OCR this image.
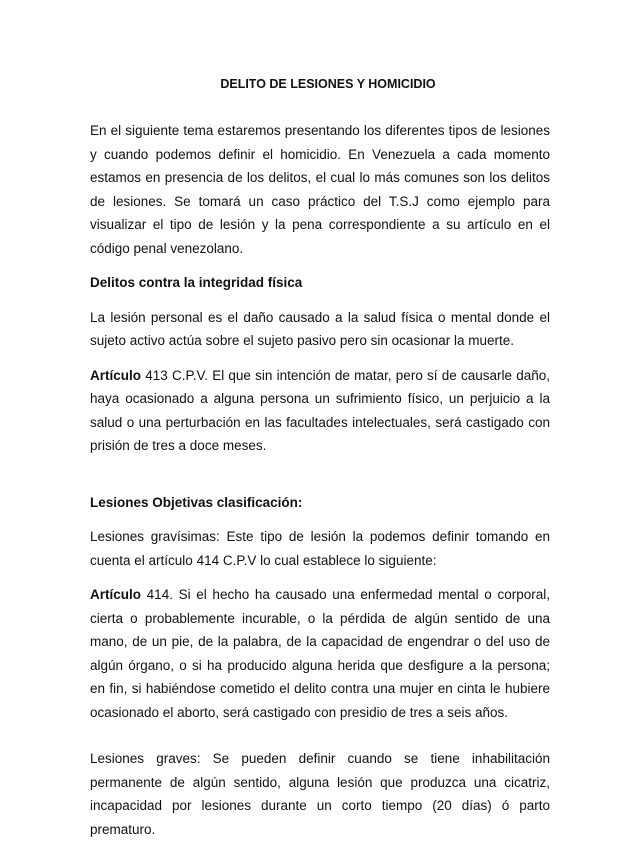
DELITO DE LESIONES Y HOMICIDIO

En el siguiente tema estaremos presentando los diferentes tipos de lesiones y cuando podemos definir el homicidio. En Venezuela a cada momento estamos en presencia de los delitos, el cual lo más comunes son los delitos de lesiones. Se tomará un caso práctico del T.S.J como ejemplo para visualizar el tipo de lesión y la pena correspondiente a su artículo en el código penal venezolano.

Delitos contra la integridad física

La lesión personal es el daño causado a la salud física o mental donde el sujeto activo actúa sobre el sujeto pasivo pero sin ocasionar la muerte.

Artículo 413 C.P.V. El que sin intención de matar, pero sí de causarle daño, haya ocasionado a alguna persona un sufrimiento físico, un perjuicio a la salud o una perturbación en las facultades intelectuales, será castigado con prisión de tres a doce meses.

Lesiones Objetivas clasificación:

Lesiones gravísimas: Este tipo de lesión la podemos definir tomando en cuenta el artículo 414 C.P.V lo cual establece lo siguiente:

Artículo 414. Si el hecho ha causado una enfermedad mental o corporal, cierta o probablemente incurable, o la pérdida de algún sentido de una mano, de un pie, de la palabra, de la capacidad de engendrar o del uso de algún órgano, o si ha producido alguna herida que desfigure a la persona; en fin, si habiéndose cometido el delito contra una mujer en cinta le hubiere ocasionado el aborto, será castigado con presidio de tres a seis años.

Lesiones graves: Se pueden definir cuando se tiene inhabilitación permanente de algún sentido, alguna lesión que produzca una cicatriz, incapacidad por lesiones durante un corto tiempo (20 días) ó parto prematuro.
